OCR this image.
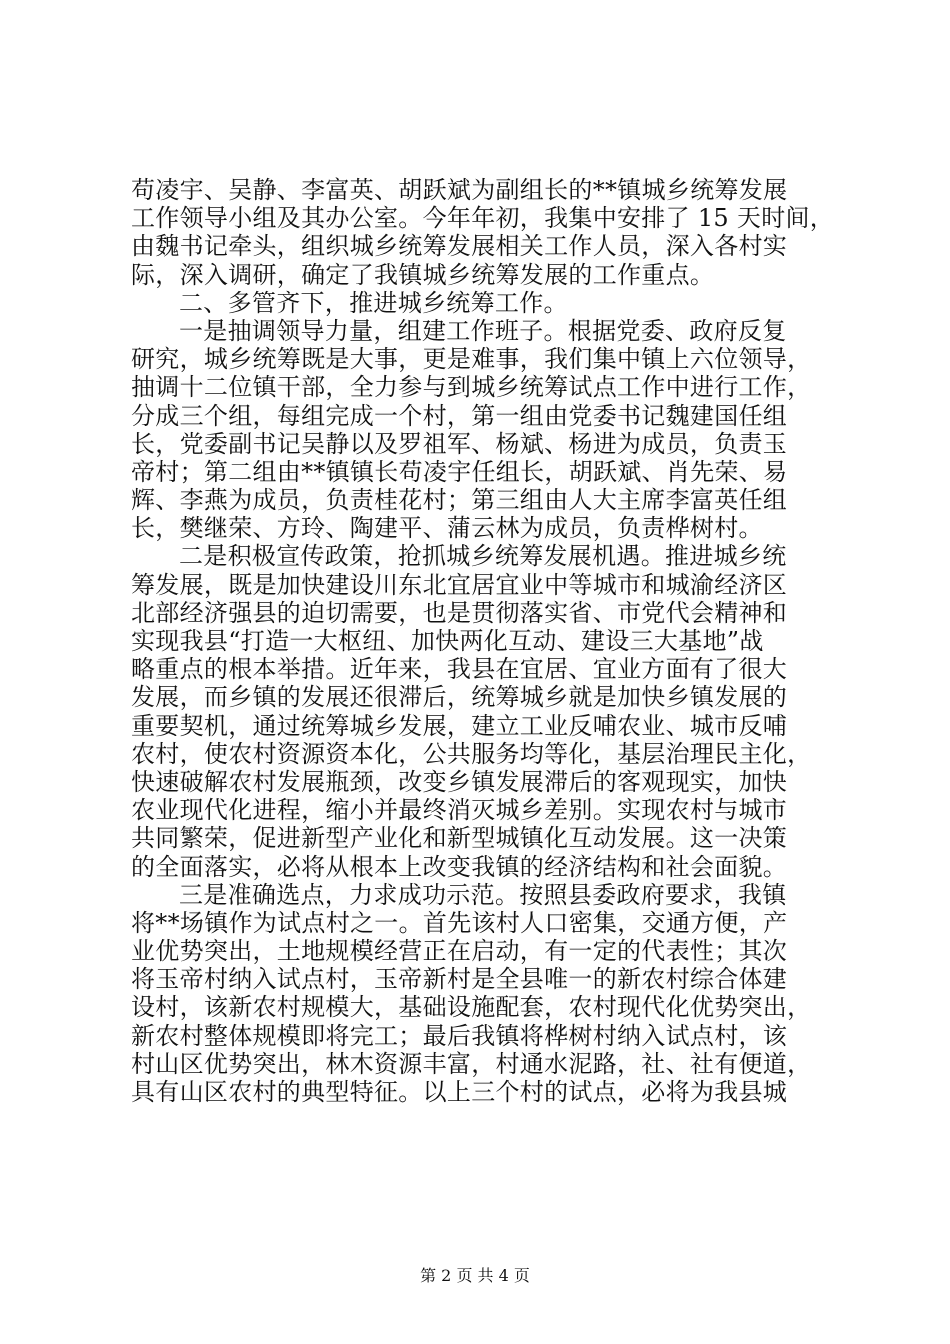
苟凌宇、吴静、李富英、胡跃斌为副组长的**镇城乡统筹发展
工作领导小组及其办公室。今年年初，我集中安排了 15 天时间，
由魏书记牵头，组织城乡统筹发展相关工作人员，深入各村实
际，深入调研，确定了我镇城乡统筹发展的工作重点。
二、多管齐下，推进城乡统筹工作。
一是抽调领导力量，组建工作班子。根据党委、政府反复
研究，城乡统筹既是大事，更是难事，我们集中镇上六位领导，
抽调十二位镇干部，全力参与到城乡统筹试点工作中进行工作，
分成三个组，每组完成一个村，第一组由党委书记魏建国任组
长，党委副书记吴静以及罗祖军、杨斌、杨进为成员，负责玉
帝村；第二组由**镇镇长苟凌宇任组长，胡跃斌、肖先荣、易
辉、李燕为成员，负责桂花村；第三组由人大主席李富英任组
长，樊继荣、方玲、陶建平、蒲云林为成员，负责桦树村。
二是积极宣传政策，抢抓城乡统筹发展机遇。推进城乡统
筹发展，既是加快建设川东北宜居宜业中等城市和城渝经济区
北部经济强县的迫切需要，也是贯彻落实省、市党代会精神和
实现我县“打造一大枢纽、加快两化互动、建设三大基地”战
略重点的根本举措。近年来，我县在宜居、宜业方面有了很大
发展，而乡镇的发展还很滞后，统筹城乡就是加快乡镇发展的
重要契机，通过统筹城乡发展，建立工业反哺农业、城市反哺
农村，使农村资源资本化，公共服务均等化，基层治理民主化，
快速破解农村发展瓶颈，改变乡镇发展滞后的客观现实，加快
农业现代化进程，缩小并最终消灭城乡差别。实现农村与城市
共同繁荣，促进新型产业化和新型城镇化互动发展。这一决策
的全面落实，必将从根本上改变我镇的经济结构和社会面貌。
三是准确选点，力求成功示范。按照县委政府要求，我镇
将**场镇作为试点村之一。首先该村人口密集，交通方便，产
业优势突出，土地规模经营正在启动，有一定的代表性；其次
将玉帝村纳入试点村，玉帝新村是全县唯一的新农村综合体建
设村，该新农村规模大，基础设施配套，农村现代化优势突出，
新农村整体规模即将完工；最后我镇将桦树村纳入试点村，该
村山区优势突出，林木资源丰富，村通水泥路，社、社有便道，
具有山区农村的典型特征。以上三个村的试点，必将为我县城
第 2 页 共 4 页
